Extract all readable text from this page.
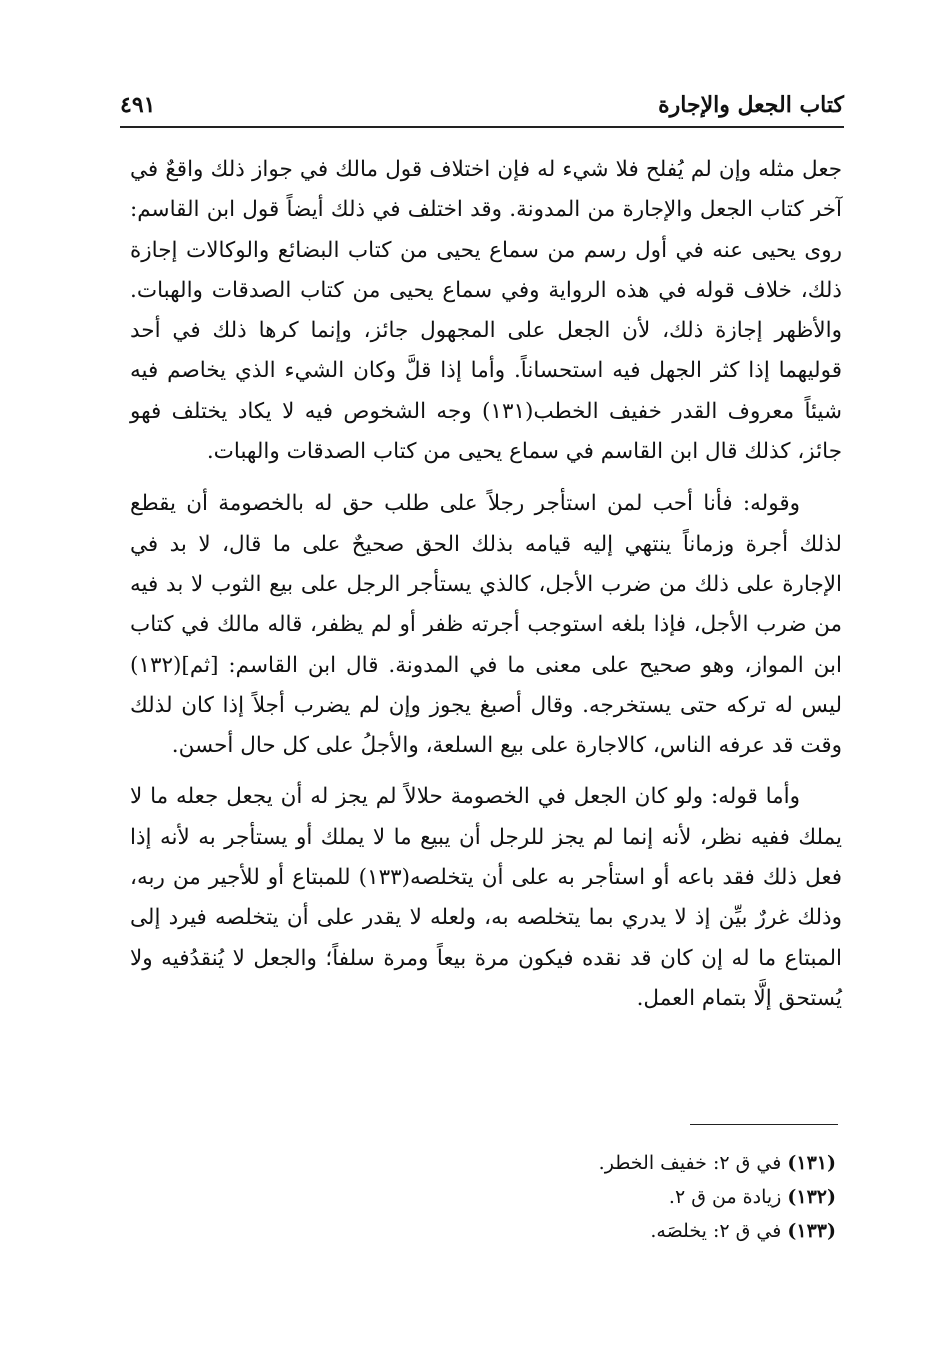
كتاب الجعل والإجارة
٤٩١

جعل مثله وإن لم يُفلح فلا شيء له فإن اختلاف قول مالك في جواز ذلك واقعٌ في آخر كتاب الجعل والإجارة من المدونة. وقد اختلف في ذلك أيضاً قول ابن القاسم: روى يحيى عنه في أول رسم من سماع يحيى من كتاب البضائع والوكالات إجازة ذلك، خلاف قوله في هذه الرواية وفي سماع يحيى من كتاب الصدقات والهبات. والأظهر إجازة ذلك، لأن الجعل على المجهول جائز، وإنما كرها ذلك في أحد قوليهما إذا كثر الجهل فيه استحساناً. وأما إذا قلَّ وكان الشيء الذي يخاصم فيه شيئاً معروف القدر خفيف الخطب(١٣١) وجه الشخوص فيه لا يكاد يختلف فهو جائز، كذلك قال ابن القاسم في سماع يحيى من كتاب الصدقات والهبات.

وقوله: فأنا أحب لمن استأجر رجلاً على طلب حق له بالخصومة أن يقطع لذلك أجرة وزماناً ينتهي إليه قيامه بذلك الحق صحيحٌ على ما قال، لا بد في الإجارة على ذلك من ضرب الأجل، كالذي يستأجر الرجل على بيع الثوب لا بد فيه من ضرب الأجل، فإذا بلغه استوجب أجرته ظفر أو لم يظفر، قاله مالك في كتاب ابن المواز، وهو صحيح على معنى ما في المدونة. قال ابن القاسم: [ثم](١٣٢) ليس له تركه حتى يستخرجه. وقال أصبغ يجوز وإن لم يضرب أجلاً إذا كان لذلك وقت قد عرفه الناس، كالاجارة على بيع السلعة، والأجلُ على كل حال أحسن.

وأما قوله: ولو كان الجعل في الخصومة حلالاً لم يجز له أن يجعل جعله ما لا يملك ففيه نظر، لأنه إنما لم يجز للرجل أن يبيع ما لا يملك أو يستأجر به لأنه إذا فعل ذلك فقد باعه أو استأجر به على أن يتخلصه(١٣٣) للمبتاع أو للأجير من ربه، وذلك غررٌ بيِّن إذ لا يدري بما يتخلصه به، ولعله لا يقدر على أن يتخلصه فيرد إلى المبتاع ما له إن كان قد نقده فيكون مرة بيعاً ومرة سلفاً؛ والجعل لا يُنقدُفيه ولا يُستحق إلَّا بتمام العمل.

(١٣١) في ق ٢: خفيف الخطر.

(١٣٢) زيادة من ق ٢.

(١٣٣) في ق ٢: يخلصَه.
